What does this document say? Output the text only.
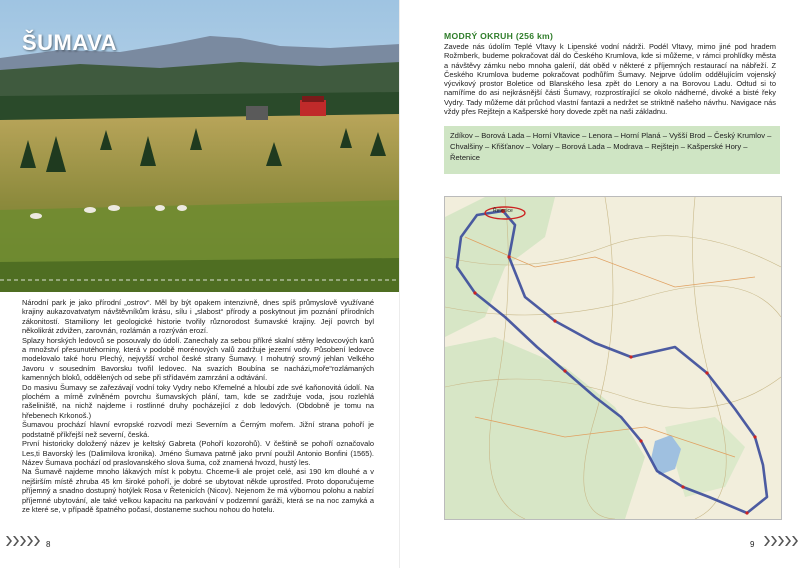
ŠUMAVA

Národní park je jako přírodní „ostrov“. Měl by být opakem intenzivně, dnes spíš průmyslově využívané krajiny aukazovatvatym návštěvníkům krásu, sílu i „slabost“ přírody a poskytnout jim poznání přírodních zákonitostí. Stamiliony let geologické historie tvořily různorodost šumavské krajiny. Její povrch byl několikrát zdvižen, zarovnán, rozlámán a rozrýván erozí.

Splazy horských ledovců se posouvaly do údolí. Zanechaly za sebou příkré skalní stěny ledovcových karů a množství přesunutéhorniny, která v podobě morénových valů zadržuje jezerní vody. Působení ledovce modelovalo také horu Plechý, nejvyšší vrchol české strany Šumavy. I mohutný srovný jehlan Velkého Javoru v sousedním Bavorsku tvořil ledovec. Na svazích Boubína se nacházi„moře“rozlámaných kamenných bloků, oddělených od sebe při střídavém zamrzání a odtávání.

Do masivu Šumavy se zařezávají vodní toky Vydry nebo Křemelné a hloubí zde své kaňonovitá údolí. Na plochém a mírně zvlněném povrchu šumavských plání, tam, kde se zadržuje voda, jsou rozlehlá rašeliniště, na nichž najdeme i rostlinné druhy pocházející z dob ledových. (Obdobně je tomu na hřebenech Krkonoš.)

Šumavou prochází hlavní evropské rozvodí mezi Severním a Černým mořem. Jižní strana pohoří je podstatně příkřejší než severní, česká.

První historicky doložený název je keltský Gabreta (Pohoří kozorohů). V češtině se pohoří označovalo Les,ti Bavorský les (Dalimilova kronika). Jméno Šumava patrně jako první použil Antonio Bonfini (1565). Název Šumava pochází od praslovanského slova šuma, což znamená hvozd, hustý les.

Na Šumavě najdeme mnoho lákavých míst k pobytu. Chceme-li ale projet celé, asi 190 km dlouhé a v nejširším místě zhruba 45 km široké pohoří, je dobré se ubytovat někde uprostřed. Proto doporučujeme příjemný a snadno dostupný hotýlek Rosa v Řetenicích (Nicov). Nejenom že má výbornou polohu a nabízí příjemné ubytování, ale také velkou kapacitu na parkování v podzemní garáži, která se na noc zamyká a ze které se, v případě špatného počasí, dostaneme suchou nohou do hotelu.

8
MODRÝ OKRUH (256 km)
Zavede nás údolím Teplé Vltavy k Lipenské vodní nádrži. Podél Vltavy, mimo jiné pod hradem Rožmberk, budeme pokračovat dál do Českého Krumlova, kde si můžeme, v rámci prohlídky města a návštěvy zámku nebo mnoha galerií, dát oběd v některé z příjemných restaurací na nábřeží. Z Českého Krumlova budeme pokračovat podhůřím Šumavy. Nejprve údolím oddělujícím vojenský výcvikový prostor Boletice od Blanského lesa zpět do Lenory a na Borovou Ladu. Odtud si to namíříme do asi nejkrásnější části Šumavy, rozprostírající se okolo nádherné, divoké a bisté řeky Vydry. Tady můžeme dát průchod vlastní fantazii a nedržet se striktně našeho návrhu. Navigace nás vždy přes Rejštejn a Kašperské hory dovede zpět na naši základnu.
Zdíkov – Borová Lada – Horní Vltavice – Lenora – Horní Planá – Vyšší Brod – Český Krumlov – Chvalšiny – Křišťanov – Volary – Borová Lada – Modrava – Rejštejn – Kašperské Hory – Řetenice
Řetenice
9
